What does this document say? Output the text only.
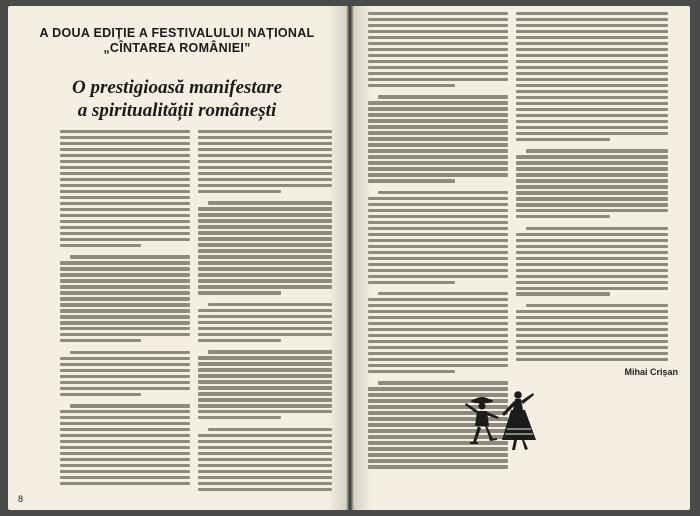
A DOUA EDIȚIE A FESTIVALULUI NAȚIONAL
„CÎNTAREA ROMÂNIEI”
O prestigioasă manifestare
a spiritualității românești
8
Mihai Crișan
